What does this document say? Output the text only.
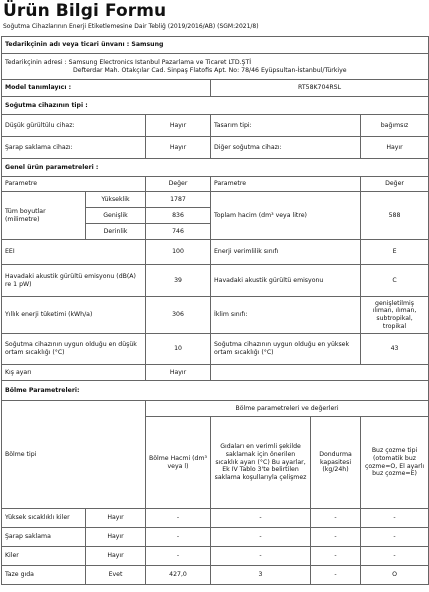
Ürün Bilgi Formu
Soğutma Cihazlarının Enerji Etiketlemesine Dair Tebliğ (2019/2016/AB) (SGM:2021/8)
Tedarikçinin adı veya ticari ünvanı : Samsung					
Tedarikçinin adresi : Samsung Electronics Istanbul Pazarlama ve Ticaret LTD.ŞTİ
Defterdar Mah. Otakçılar Cad. Sinpaş Flatofis Apt. No: 78/46 Eyüpsultan-İstanbul/Türkiye					
Model tanımlayıcı :			RT58K704RSL		
Soğutma cihazının tipi :					
Düşük gürültülu cihaz:		Hayır	Tasarım tipi:		bağımsız
Şarap saklama cihazı:		Hayır	Diğer soğutma cihazı:		Hayır
Genel ürün parametreleri :					
Parametre		Değer	Parametre		Değer
Tüm boyutlar (milimetre)	Yükseklik	1787	Toplam hacim (dm³ veya litre)		588
	Genişlik	836			
	Derinlik	746			
EEI		100	Enerji verimlilik sınıfı		E
Havadaki akustik gürültü emisyonu (dB(A) re 1 pW)		39	Havadaki akustik gürültü emisyonu		C
Yıllık enerji tüketimi (kWh/a)		306	İklim sınıfı:		genişletilmiş ılıman, ılıman, subtropikal, tropikal
Soğutma cihazının uygun olduğu en düşük ortam sıcaklığı (°C)		10	Soğutma cihazının uygun olduğu en yüksek ortam sıcaklığı (°C)		43
Kış ayarı		Hayır			
Bölme Parametreleri:					
Bölme tipi		Bölme parametreleri ve değerleri			
		Bölme Hacmi (dm³ veya l)	Gıdaları en verimli şekilde saklamak için önerilen sıcaklık ayarı (°C) Bu ayarlar, Ek IV Tablo 3'te belirtilen saklama koşullarıyla çelişmez	Dondurma kapasitesi (kg/24h)	Buz çozme tipi (otomatik buz çozme=O, El ayarlı buz çozme=E)
Yüksek sıcaklıklı kiler	Hayır	-	-	-	-
Şarap saklama	Hayır	-	-	-	-
Kiler	Hayır	-	-	-	-
Taze gıda	Evet	427,0	3	-	O
